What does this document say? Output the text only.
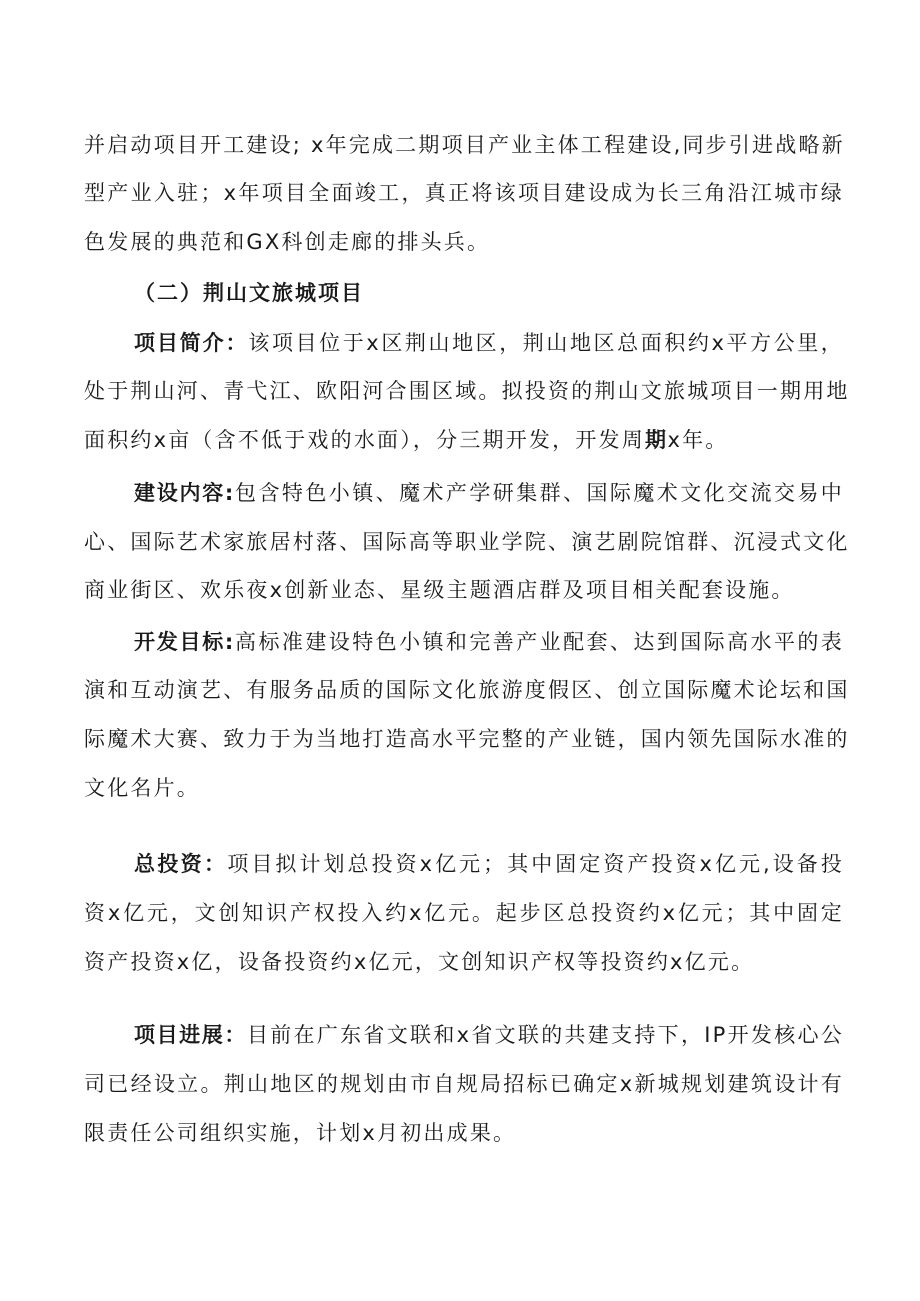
并启动项目开工建设; x年完成二期项目产业主体工程建设,同步引进战略新
型产业入驻；x年项目全面竣工，真正将该项目建设成为长三角沿江城市绿
色发展的典范和GX科创走廊的排头兵。
（二）荆山文旅城项目
项目简介：该项目位于x区荆山地区，荆山地区总面积约x平方公里，
处于荆山河、青弋江、欧阳河合围区域。拟投资的荆山文旅城项目一期用地
面积约x亩（含不低于戏的水面），分三期开发，开发周期x年。
建设内容:包含特色小镇、魔术产学研集群、国际魔术文化交流交易中
心、国际艺术家旅居村落、国际高等职业学院、演艺剧院馆群、沉浸式文化
商业街区、欢乐夜x创新业态、星级主题酒店群及项目相关配套设施。
开发目标:高标准建设特色小镇和完善产业配套、达到国际高水平的表
演和互动演艺、有服务品质的国际文化旅游度假区、创立国际魔术论坛和国
际魔术大赛、致力于为当地打造高水平完整的产业链，国内领先国际水准的
文化名片。
总投资：项目拟计划总投资x亿元；其中固定资产投资x亿元,设备投
资x亿元，文创知识产权投入约x亿元。起步区总投资约x亿元；其中固定
资产投资x亿，设备投资约x亿元，文创知识产权等投资约x亿元。
项目进展：目前在广东省文联和x省文联的共建支持下，IP开发核心公
司已经设立。荆山地区的规划由市自规局招标已确定x新城规划建筑设计有
限责任公司组织实施，计划x月初出成果。
